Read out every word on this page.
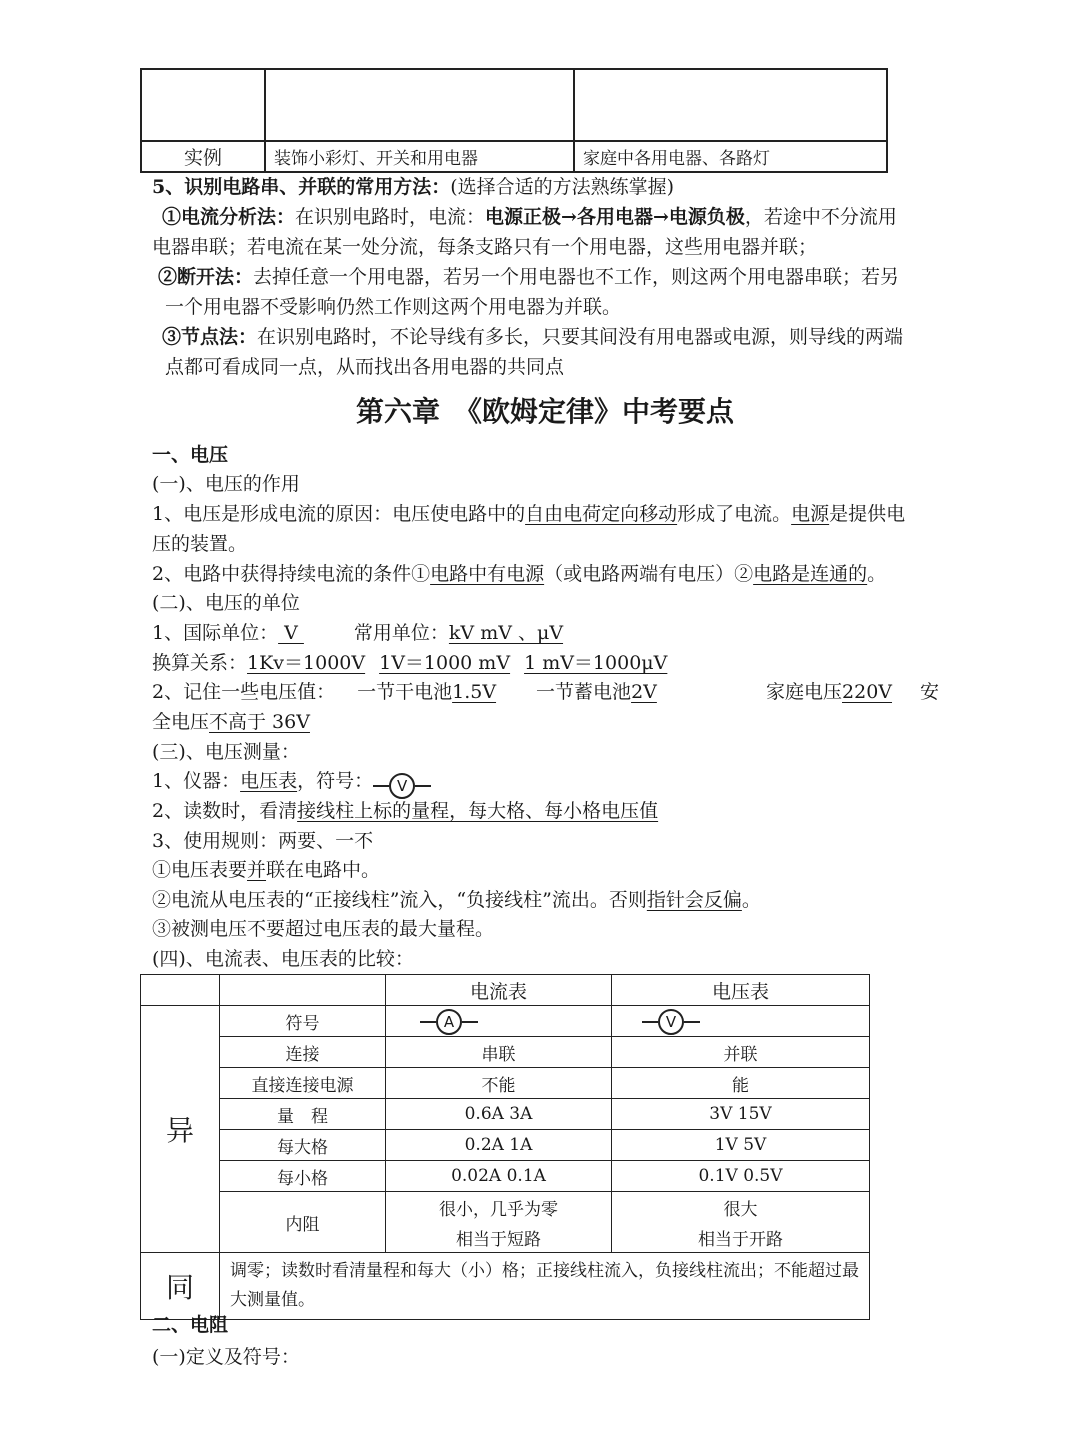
实例	装饰小彩灯、开关和用电器	家庭中各用电器、各路灯
5、识别电路串、并联的常用方法：(选择合适的方法熟练掌握)
①电流分析法：在识别电路时，电流：电源正极→各用电器→电源负极，若途中不分流用
电器串联；若电流在某一处分流，每条支路只有一个用电器，这些用电器并联；
②断开法：去掉任意一个用电器，若另一个用电器也不工作，则这两个用电器串联；若另
一个用电器不受影响仍然工作则这两个用电器为并联。
③节点法：在识别电路时，不论导线有多长，只要其间没有用电器或电源，则导线的两端
点都可看成同一点，从而找出各用电器的共同点
第六章　《欧姆定律》中考要点
一、电压
(一)、电压的作用
1、电压是形成电流的原因：电压使电路中的自由电荷定向移动形成了电流。电源是提供电
压的装置。
2、电路中获得持续电流的条件①电路中有电源（或电路两端有电压）②电路是连通的。
(二)、电压的单位
1、国际单位： V	常用单位：kV mV 、μV
换算关系：1Kv＝1000V 1V＝1000 mV 1 mV＝1000μV
2、记住一些电压值： 一节干电池1.5V 一节蓄电池2V	家庭电压220V 安
全电压不高于 36V
(三)、电压测量：
1、仪器：电压表，符号：	V
2、读数时，看清接线柱上标的量程，每大格、每小格电压值
3、使用规则：两要、一不
①电压表要并联在电路中。
②电流从电压表的“正接线柱”流入，“负接线柱”流出。否则指针会反偏。
③被测电压不要超过电压表的最大量程。
(四)、电流表、电压表的比较：
		电流表	电压表
异	符号	A	V

	连接	串联	并联
	直接连接电源	不能	能
	量　程	0.6A 3A	3V 15V
	每大格	0.2A 1A	1V 5V
	每小格	0.02A 0.1A	0.1V 0.5V
	内阻	很小，几乎为零	很大
		相当于短路	相当于开路
同	调零；读数时看清量程和每大（小）格；正接线柱流入，负接线柱流出；不能超过最大测量值。		
二、电阻
(一)定义及符号：
